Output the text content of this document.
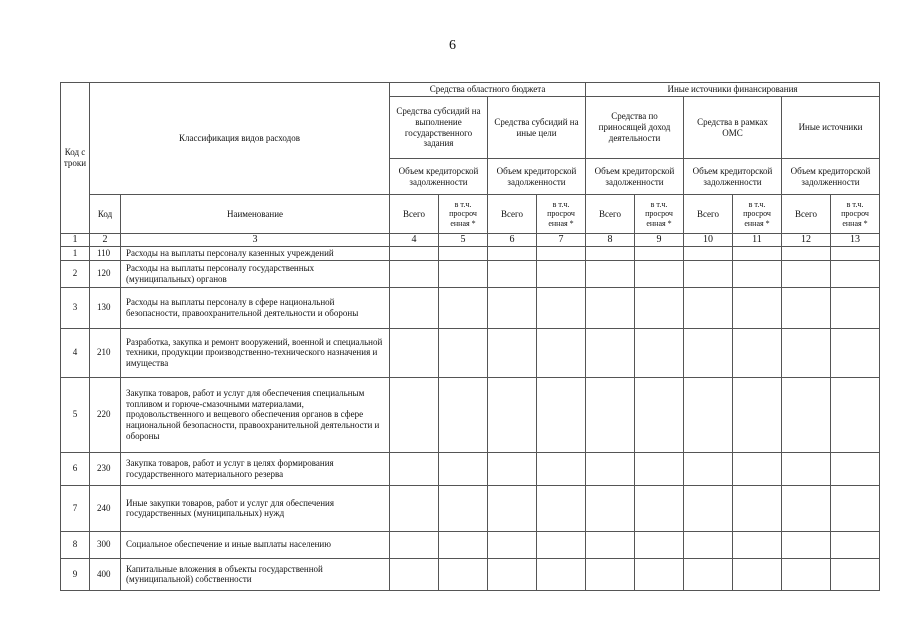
6
Код строки	Классификация видов расходов		Средства областного бюджета				Иные источники финансирования					
			Средства субсидий на выполнение государственного задания		Средства субсидий на иные цели		Средства по приносящей доход деятельности		Средства в рамках ОМС		Иные источники	
			Объем кредиторской задолженности		Объем кредиторской задолженности		Объем кредиторской задолженности		Объем кредиторской задолженности		Объем кредиторской задолженности	
	Код	Наименование	Всего	в т.ч. просроч енная *	Всего	в т.ч. просроч енная *	Всего	в т.ч. просроч енная *	Всего	в т.ч. просроч енная *	Всего	в т.ч. просроч енная *
1	2	3	4	5	6	7	8	9	10	11	12	13
1	110	Расходы на выплаты персоналу казенных учреждений										
2	120	Расходы на выплаты персоналу государственных (муниципальных) органов										
3	130	Расходы на выплаты персоналу в сфере национальной безопасности, правоохранительной деятельности и обороны										
4	210	Разработка, закупка и ремонт вооружений, военной и специальной техники, продукции производственно-технического назначения и имущества										
5	220	Закупка товаров, работ и услуг для обеспечения специальным топливом и горюче-смазочными материалами, продовольственного и вещевого обеспечения органов в сфере национальной безопасности, правоохранительной деятельности и обороны										
6	230	Закупка товаров, работ и услуг в целях формирования государственного материального резерва										
7	240	Иные закупки товаров, работ и услуг для обеспечения государственных (муниципальных) нужд										
8	300	Социальное обеспечение и иные выплаты населению										
9	400	Капитальные вложения в объекты государственной (муниципальной) собственности										
